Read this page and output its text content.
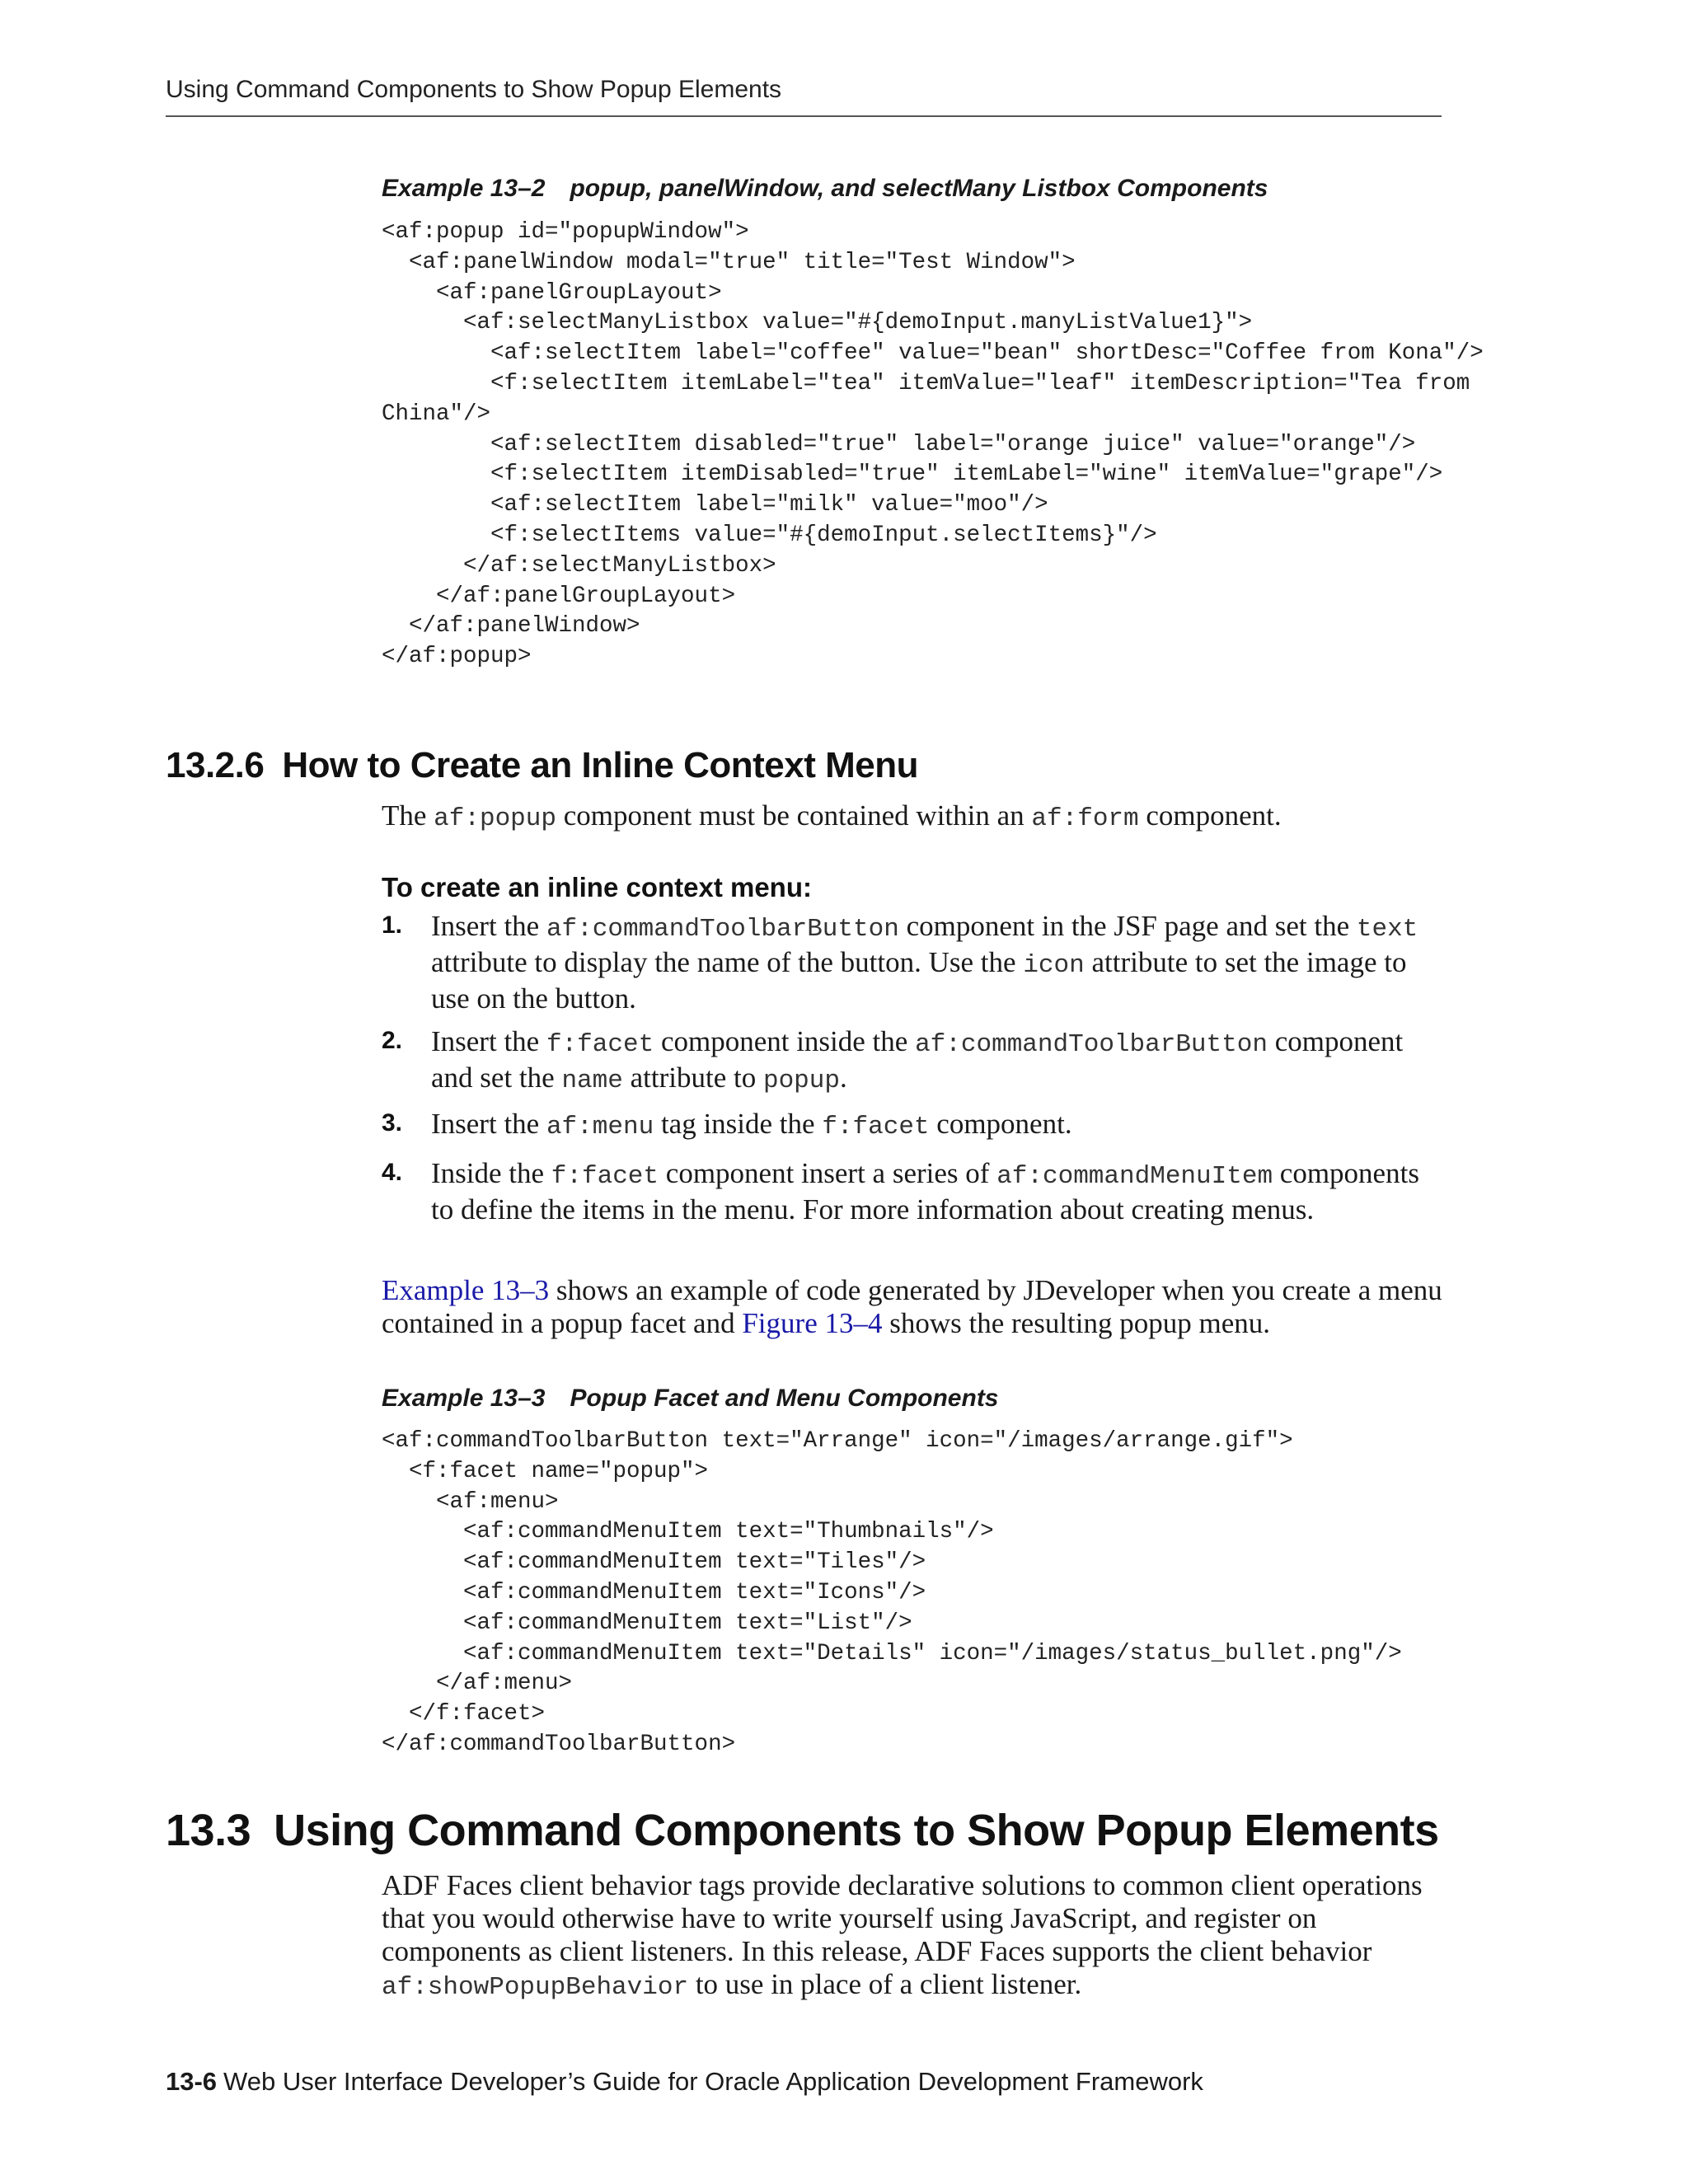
Using Command Components to Show Popup Elements
Example 13–2 popup, panelWindow, and selectMany Listbox Components
<af:popup id="popupWindow">
<af:panelWindow modal="true" title="Test Window">
<af:panelGroupLayout>
<af:selectManyListbox value="#{demoInput.manyListValue1}">
<af:selectItem label="coffee" value="bean" shortDesc="Coffee from Kona"/>
<f:selectItem itemLabel="tea" itemValue="leaf" itemDescription="Tea from
China"/>
<af:selectItem disabled="true" label="orange juice" value="orange"/>
<f:selectItem itemDisabled="true" itemLabel="wine" itemValue="grape"/>
<af:selectItem label="milk" value="moo"/>
<f:selectItems value="#{demoInput.selectItems}"/>
</af:selectManyListbox>
</af:panelGroupLayout>
</af:panelWindow>
</af:popup>
13.2.6 How to Create an Inline Context Menu

The af:popup component must be contained within an af:form component.

To create an inline context menu:
1. Insert the af:commandToolbarButton component in the JSF page and set the text attribute to display the name of the button. Use the icon attribute to set the image to use on the button.

2. Insert the f:facet component inside the af:commandToolbarButton component and set the name attribute to popup.

3. Insert the af:menu tag inside the f:facet component.

4. Inside the f:facet component insert a series of af:commandMenuItem components to define the items in the menu. For more information about creating menus.

Example 13–3 shows an example of code generated by JDeveloper when you create a menu contained in a popup facet and Figure 13–4 shows the resulting popup menu.

Example 13–3 Popup Facet and Menu Components
<af:commandToolbarButton text="Arrange" icon="/images/arrange.gif">
<f:facet name="popup">
<af:menu>
<af:commandMenuItem text="Thumbnails"/>
<af:commandMenuItem text="Tiles"/>
<af:commandMenuItem text="Icons"/>
<af:commandMenuItem text="List"/>
<af:commandMenuItem text="Details" icon="/images/status_bullet.png"/>
</af:menu>
</f:facet>
</af:commandToolbarButton>
13.3 Using Command Components to Show Popup Elements

ADF Faces client behavior tags provide declarative solutions to common client operations that you would otherwise have to write yourself using JavaScript, and register on components as client listeners. In this release, ADF Faces supports the client behavior af:showPopupBehavior to use in place of a client listener.

13-6 Web User Interface Developer’s Guide for Oracle Application Development Framework
